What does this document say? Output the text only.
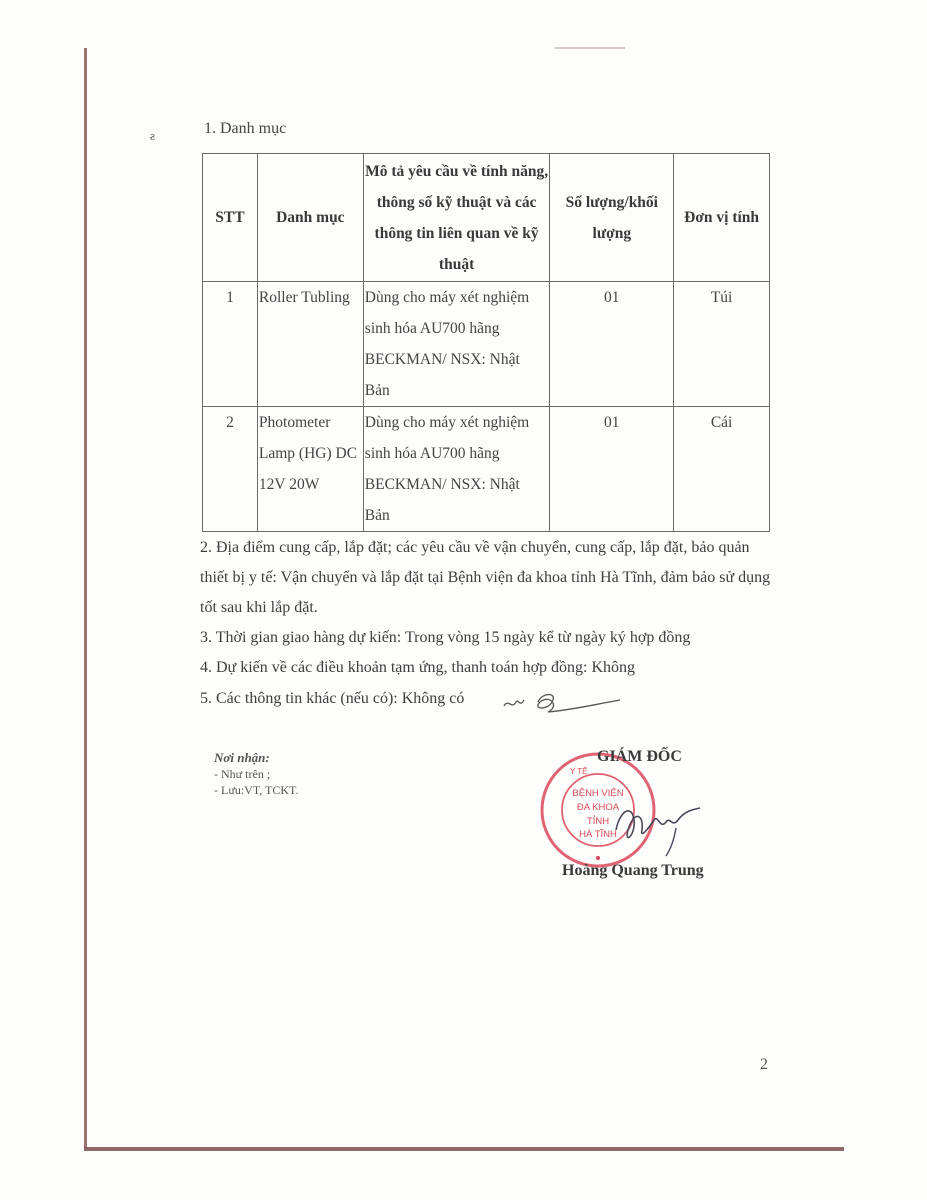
ƨ	1. Danh mục
STT	Danh mục	Mô tả yêu cầu về tính năng, thông số kỹ thuật và các thông tin liên quan về kỹ thuật	Số lượng/khối lượng	Đơn vị tính
1	Roller Tubling	Dùng cho máy xét nghiệm sinh hóa AU700 hãng BECKMAN/ NSX: Nhật Bản	01	Túi
2	Photometer Lamp (HG) DC 12V 20W	Dùng cho máy xét nghiệm sinh hóa AU700 hãng BECKMAN/ NSX: Nhật Bản	01	Cái
2. Địa điểm cung cấp, lắp đặt; các yêu cầu về vận chuyển, cung cấp, lắp đặt, bảo quản thiết bị y tế: Vận chuyển và lắp đặt tại Bệnh viện đa khoa tỉnh Hà Tĩnh, đảm bảo sử dụng tốt sau khi lắp đặt.
3. Thời gian giao hàng dự kiến: Trong vòng 15 ngày kể từ ngày ký hợp đồng
4. Dự kiến về các điều khoản tạm ứng, thanh toán hợp đồng: Không
5. Các thông tin khác (nếu có): Không có
Nơi nhận:
- Như trên ;
- Lưu:VT, TCKT.	BỆNH VIỆN
ĐA KHOA
TỈNH
HÀ TĨNH
Y TẾ
GIÁM ĐỐC
Hoàng Quang Trung
2
